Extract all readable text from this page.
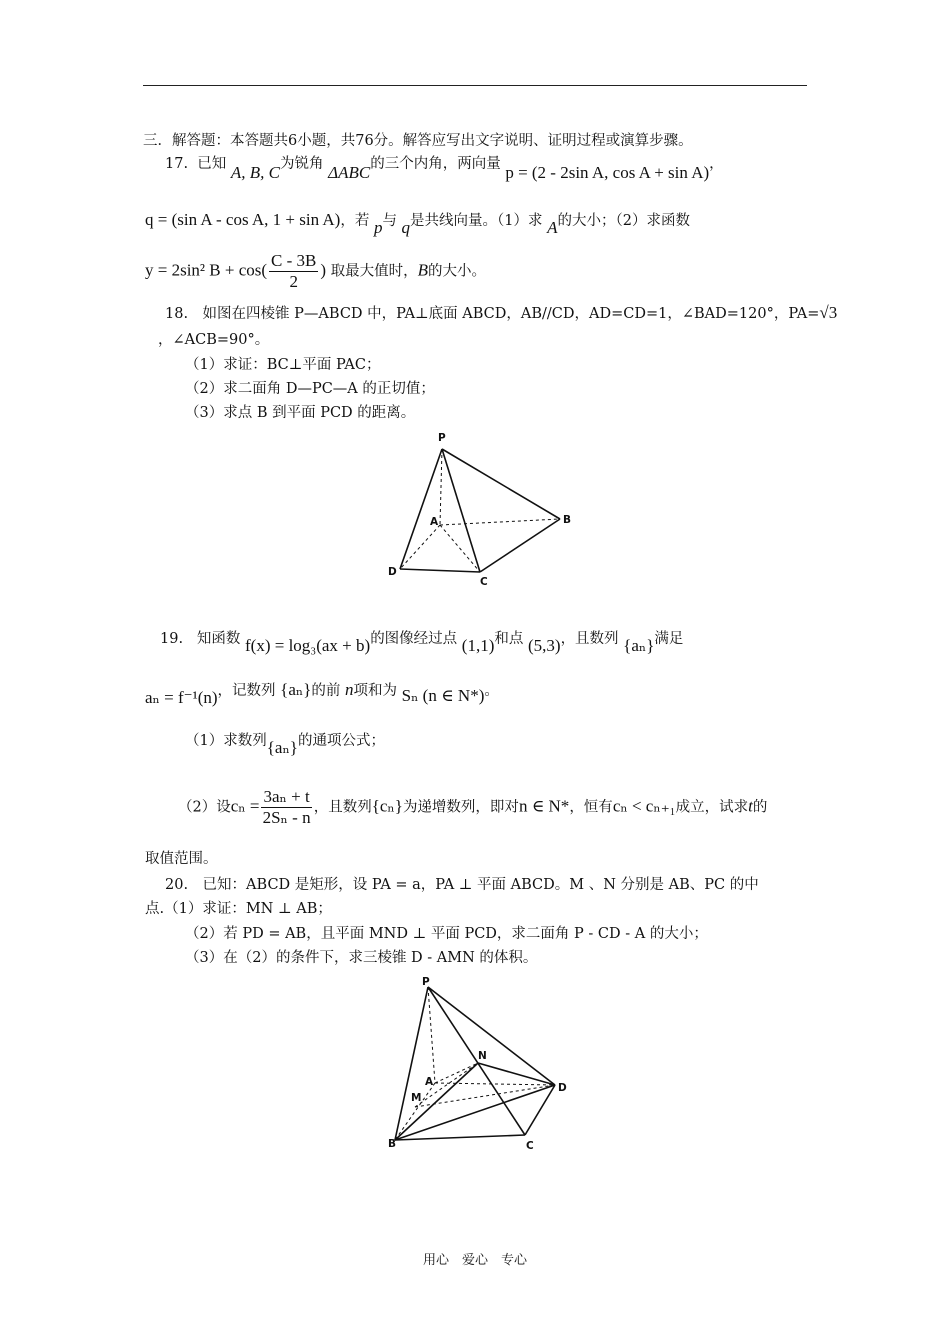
三．解答题：本答题共6小题，共76分。解答应写出文字说明、证明过程或演算步骤。
17. 已知 A, B, C为锐角 ΔABC的三个内角，两向量 p = (2 - 2sin A, cos A + sin A)，
q = (sin A - cos A, 1 + sin A)，若 p与 q是共线向量。（1）求 A的大小；（2）求函数
y = 2sin² $B + \cos( \frac{C - 3B}{2}$ ) 取最大值时，B的大小。
18.　如图在四棱锥 P—ABCD 中，PA⊥底面 ABCD，AB//CD，AD=CD=1，∠BAD=120°，PA=√3
，∠ACB=90°。
（1）求证：BC⊥平面 PAC；
（2）求二面角 D—PC—A 的正切值；
（3）求点 B 到平面 PCD 的距离。
P
A	B
C
D
19. 知函数 f(x) = log₃(ax + b)的图像经过点 (1,1)和点 (5,3)，且数列 {aₙ}满足
aₙ = f⁻¹(n)，记数列 {aₙ}的前 n项和为 Sₙ (n ∈ N*)。
（1）求数列{aₙ}的通项公式；
（2）设$c_n = \frac{\text{3aₙ + t}}{\text{2Sₙ - n}}$ ，且数列{cₙ}为递增数列，即对n ∈ N*，恒有cₙ < cₙ₊₁成立，试求t的
取值范围。
20.　已知：ABCD 是矩形，设 PA = a，PA ⊥ 平面 ABCD。M 、N 分别是 AB、PC 的中
点.（1）求证：MN ⊥ AB；
（2）若 PD = AB，且平面 MND ⊥ 平面 PCD，求二面角 P - CD - A 的大小；
（3）在（2）的条件下，求三棱锥 D - AMN 的体积。
P
N
A
M
D
B	C
用心　爱心　专心
